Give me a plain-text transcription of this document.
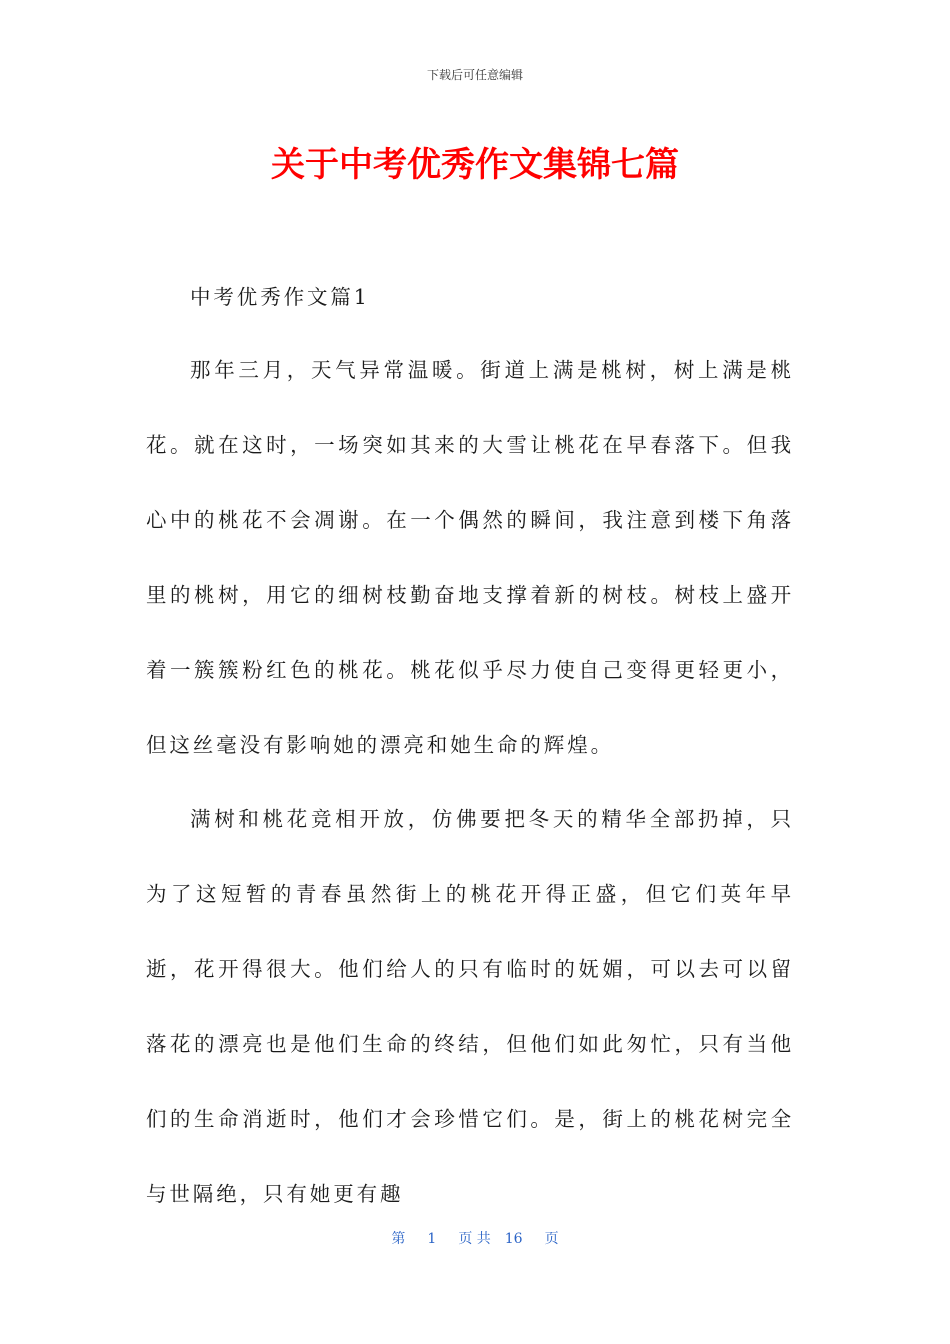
下载后可任意编辑
关于中考优秀作文集锦七篇

中考优秀作文篇1

那年三月，天气异常温暖。街道上满是桃树，树上满是桃花。就在这时，一场突如其来的大雪让桃花在早春落下。但我心中的桃花不会凋谢。在一个偶然的瞬间，我注意到楼下角落里的桃树，用它的细树枝勤奋地支撑着新的树枝。树枝上盛开着一簇簇粉红色的桃花。桃花似乎尽力使自己变得更轻更小，但这丝毫没有影响她的漂亮和她生命的辉煌。

满树和桃花竞相开放，仿佛要把冬天的精华全部扔掉，只为了这短暂的青春虽然街上的桃花开得正盛，但它们英年早逝，花开得很大。他们给人的只有临时的妩媚，可以去可以留落花的漂亮也是他们生命的终结，但他们如此匆忙，只有当他们的生命消逝时，他们才会珍惜它们。是，街上的桃花树完全与世隔绝，只有她更有趣

第 1 页 共 16 页
